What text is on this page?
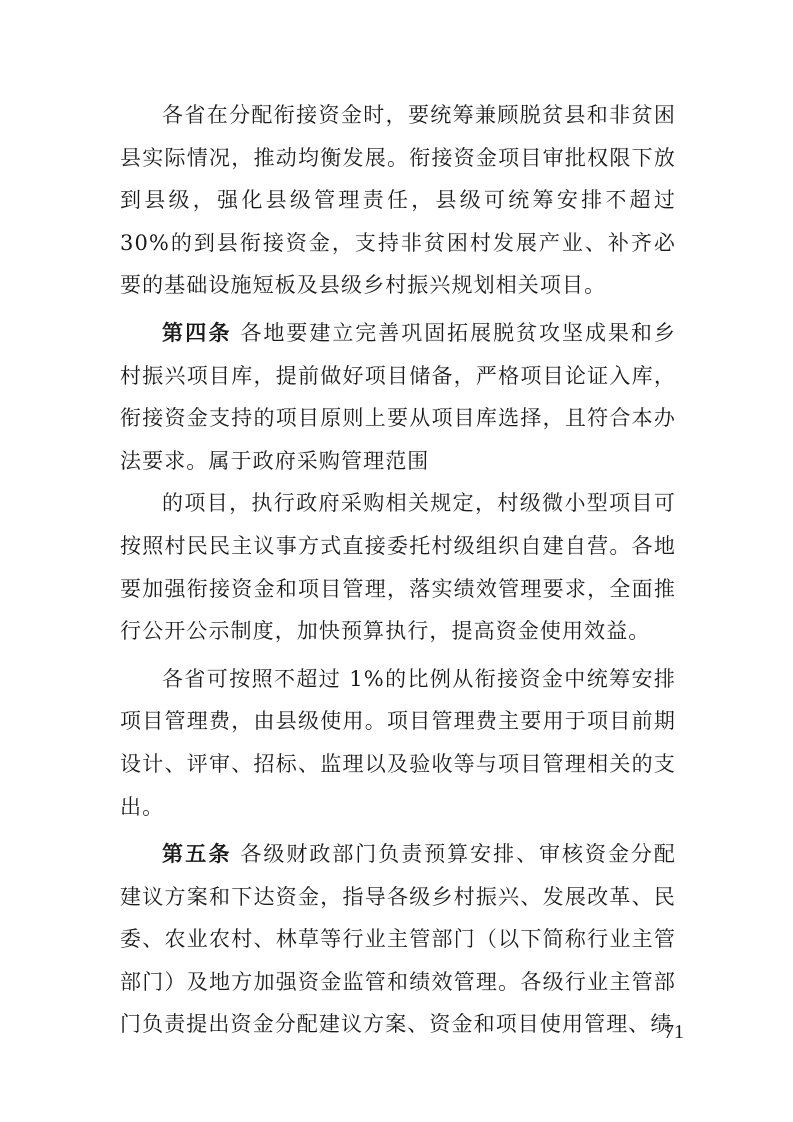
各省在分配衔接资金时，要统筹兼顾脱贫县和非贫困县实际情况，推动均衡发展。衔接资金项目审批权限下放到县级，强化县级管理责任，县级可统筹安排不超过 30%的到县衔接资金，支持非贫困村发展产业、补齐必要的基础设施短板及县级乡村振兴规划相关项目。

第四条 各地要建立完善巩固拓展脱贫攻坚成果和乡村振兴项目库，提前做好项目储备，严格项目论证入库，衔接资金支持的项目原则上要从项目库选择，且符合本办法要求。属于政府采购管理范围

的项目，执行政府采购相关规定，村级微小型项目可按照村民民主议事方式直接委托村级组织自建自营。各地要加强衔接资金和项目管理，落实绩效管理要求，全面推行公开公示制度，加快预算执行，提高资金使用效益。

各省可按照不超过 1%的比例从衔接资金中统筹安排项目管理费，由县级使用。项目管理费主要用于项目前期设计、评审、招标、监理以及验收等与项目管理相关的支出。

第五条 各级财政部门负责预算安排、审核资金分配建议方案和下达资金，指导各级乡村振兴、发展改革、民委、农业农村、林草等行业主管部门（以下简称行业主管部门）及地方加强资金监管和绩效管理。各级行业主管部门负责提出资金分配建议方案、资金和项目使用管理、绩

71
